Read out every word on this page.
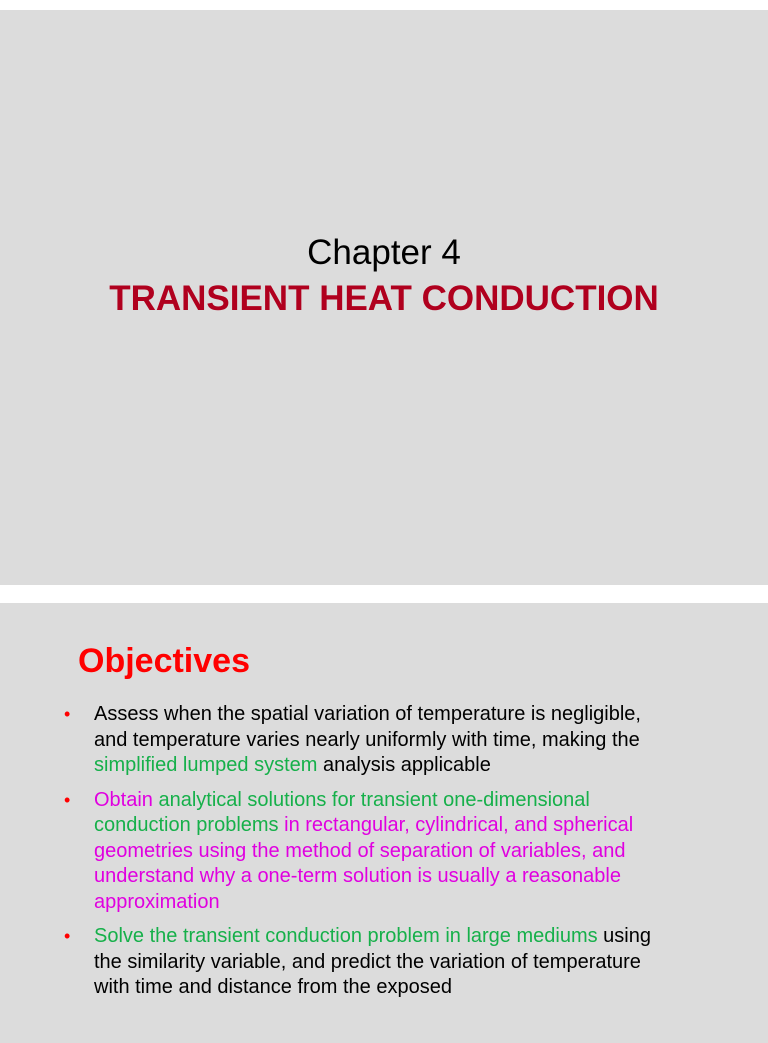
Chapter 4
TRANSIENT HEAT CONDUCTION
Objectives
• Assess when the spatial variation of temperature is negligible, and temperature varies nearly uniformly with time, making the simplified lumped system analysis applicable
• Obtain analytical solutions for transient one-dimensional conduction problems in rectangular, cylindrical, and spherical geometries using the method of separation of variables, and understand why a one-term solution is usually a reasonable approximation
• Solve the transient conduction problem in large mediums using the similarity variable, and predict the variation of temperature with time and distance from the exposed
